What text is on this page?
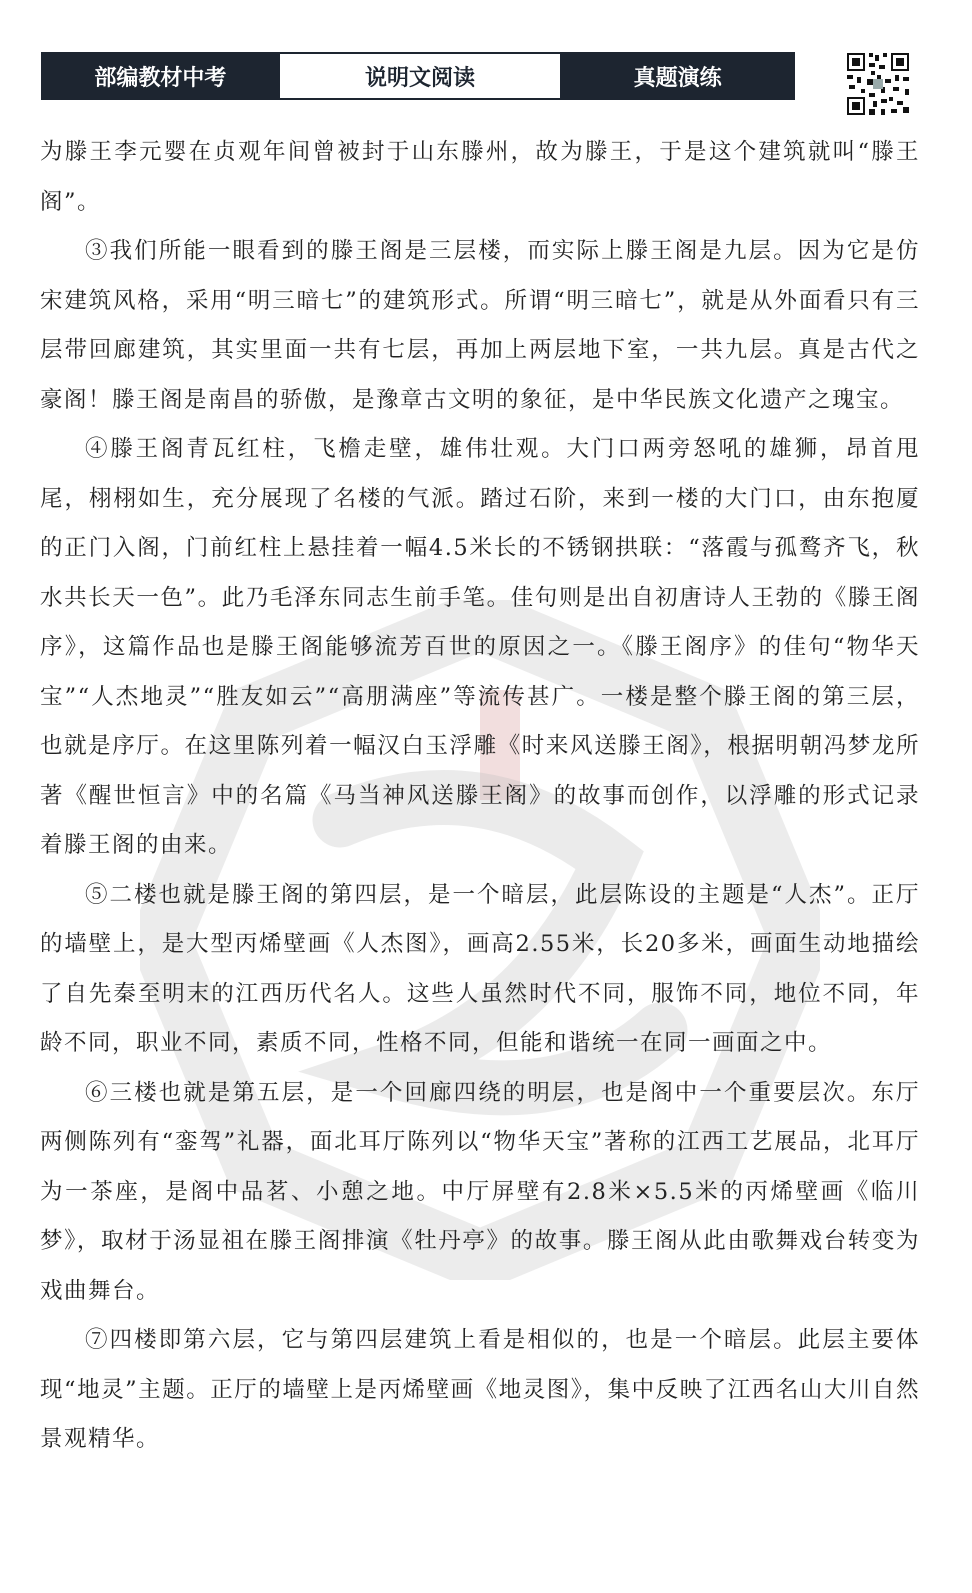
部编教材中考	说明文阅读	真题演练

为滕王李元婴在贞观年间曾被封于山东滕州，故为滕王，于是这个建筑就叫“滕王阁”。

③我们所能一眼看到的滕王阁是三层楼，而实际上滕王阁是九层。因为它是仿宋建筑风格，采用“明三暗七”的建筑形式。所谓“明三暗七”，就是从外面看只有三层带回廊建筑，其实里面一共有七层，再加上两层地下室，一共九层。真是古代之豪阁！滕王阁是南昌的骄傲，是豫章古文明的象征，是中华民族文化遗产之瑰宝。

④滕王阁青瓦红柱，飞檐走壁，雄伟壮观。大门口两旁怒吼的雄狮，昂首甩尾，栩栩如生，充分展现了名楼的气派。踏过石阶，来到一楼的大门口，由东抱厦的正门入阁，门前红柱上悬挂着一幅4.5米长的不锈钢拱联：“落霞与孤鹜齐飞，秋水共长天一色”。此乃毛泽东同志生前手笔。佳句则是出自初唐诗人王勃的《滕王阁序》，这篇作品也是滕王阁能够流芳百世的原因之一。《滕王阁序》的佳句“物华天宝”“人杰地灵”“胜友如云”“高朋满座”等流传甚广。一楼是整个滕王阁的第三层，也就是序厅。在这里陈列着一幅汉白玉浮雕《时来风送滕王阁》，根据明朝冯梦龙所著《醒世恒言》中的名篇《马当神风送滕王阁》的故事而创作，以浮雕的形式记录着滕王阁的由来。

⑤二楼也就是滕王阁的第四层，是一个暗层，此层陈设的主题是“人杰”。正厅的墙壁上，是大型丙烯壁画《人杰图》，画高2.55米，长20多米，画面生动地描绘了自先秦至明末的江西历代名人。这些人虽然时代不同，服饰不同，地位不同，年龄不同，职业不同，素质不同，性格不同，但能和谐统一在同一画面之中。

⑥三楼也就是第五层，是一个回廊四绕的明层，也是阁中一个重要层次。东厅两侧陈列有“銮驾”礼器，面北耳厅陈列以“物华天宝”著称的江西工艺展品，北耳厅为一茶座，是阁中品茗、小憩之地。中厅屏壁有2.8米×5.5米的丙烯壁画《临川梦》，取材于汤显祖在滕王阁排演《牡丹亭》的故事。滕王阁从此由歌舞戏台转变为戏曲舞台。

⑦四楼即第六层，它与第四层建筑上看是相似的，也是一个暗层。此层主要体现“地灵”主题。正厅的墙壁上是丙烯壁画《地灵图》，集中反映了江西名山大川自然景观精华。
